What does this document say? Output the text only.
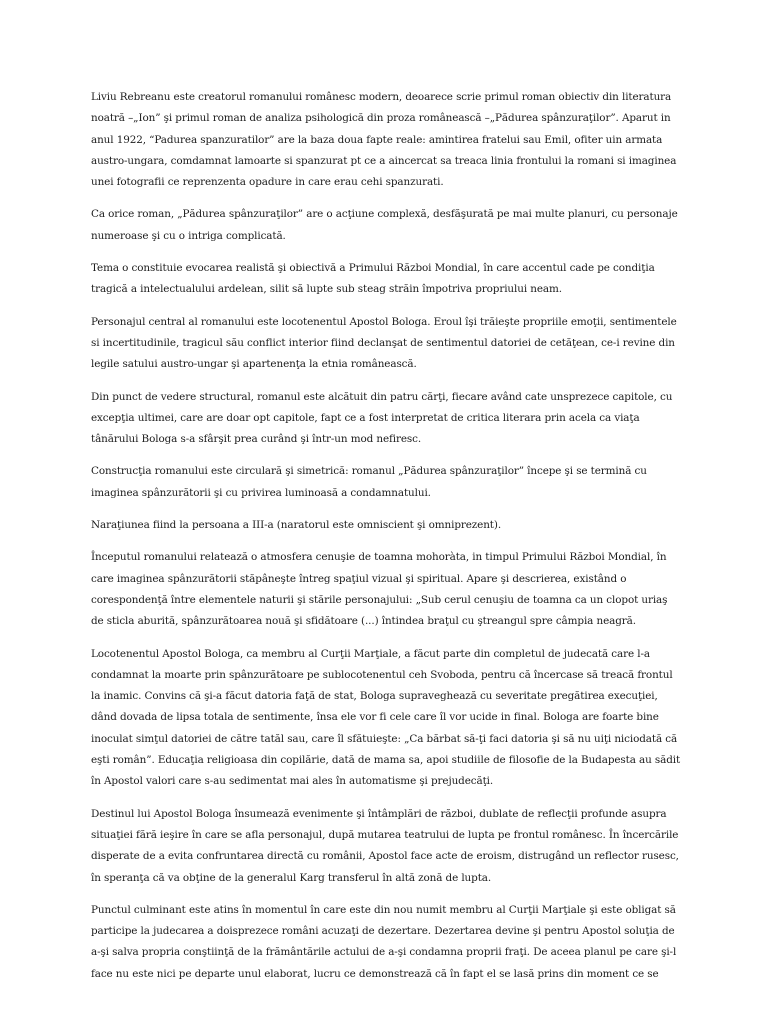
Liviu Rebreanu este creatorul romanului românesc modern, deoarece scrie primul roman obiectiv din literatura noatră –„Ion” şi primul roman de analiza psihologică din proza românească –„Pădurea spânzuraţilor”. Aparut in anul 1922, “Padurea spanzuratilor” are la baza doua fapte reale: amintirea fratelui sau Emil, ofiter uin armata austro-ungara, comdamnat lamoarte si spanzurat pt ce a aincercat sa treaca linia frontului la romani si imaginea unei fotografii ce reprenzenta opadure in care erau cehi spanzurati.

Ca orice roman, „Pădurea spânzuraţilor” are o acţiune complexă, desfăşurată pe mai multe planuri, cu personaje numeroase şi cu o intriga complicată.

Tema o constituie evocarea realistă şi obiectivă a Primului Război Mondial, în care accentul cade pe condiţia tragică a intelectualului ardelean, silit să lupte sub steag străin împotriva propriului neam.

Personajul central al romanului este locotenentul Apostol Bologa. Eroul îşi trăieşte propriile emoţii, sentimentele si incertitudinile, tragicul său conflict interior fiind declanşat de sentimentul datoriei de cetăţean, ce-i revine din legile satului austro-ungar şi apartenenţa la etnia românească.

Din punct de vedere structural, romanul este alcătuit din patru cărţi, fiecare având cate unsprezece capitole, cu excepţia ultimei, care are doar opt capitole, fapt ce a fost interpretat de critica literara prin acela ca viaţa tânărului Bologa s-a sfârşit prea curând şi într-un mod nefiresc.

Construcţia romanului este circulară şi simetrică: romanul „Pădurea spânzuraţilor” începe şi se termină cu imaginea spânzurătorii şi cu privirea luminoasă a condamnatului.

Naraţiunea fiind la persoana a III-a (naratorul este omniscient şi omniprezent).

Începutul romanului relatează o atmosfera cenuşie de toamna mohoràta, in timpul Primului Război Mondial, în care imaginea spânzurătorii stăpâneşte întreg spaţiul vizual şi spiritual. Apare şi descrierea, existând o corespondenţă între elementele naturii şi stările personajului: „Sub cerul cenuşiu de toamna ca un clopot uriaş de sticla aburită, spânzurătoarea nouă şi sfidătoare (...) întindea braţul cu ştreangul spre câmpia neagră.

Locotenentul Apostol Bologa, ca membru al Curţii Marţiale, a făcut parte din completul de judecată care l-a condamnat la moarte prin spânzurătoare pe sublocotenentul ceh Svoboda, pentru că încercase să treacă frontul la inamic. Convins că şi-a făcut datoria faţă de stat, Bologa supraveghează cu severitate pregătirea execuţiei, dând dovada de lipsa totala de sentimente, însa ele vor fi cele care îl vor ucide in final. Bologa are foarte bine inoculat simţul datoriei de către tatăl sau, care îl sfătuieşte: „Ca bărbat să-ţi faci datoria şi să nu uiţi niciodată că eşti român”. Educaţia religioasa din copilărie, dată de mama sa, apoi studiile de filosofie de la Budapesta au sădit în Apostol valori care s-au sedimentat mai ales în automatisme şi prejudecăţi.

Destinul lui Apostol Bologa însumează evenimente şi întâmplări de război, dublate de reflecţii profunde asupra situaţiei fără ieşire în care se afla personajul, după mutarea teatrului de lupta pe frontul românesc. În încercările disperate de a evita confruntarea directă cu românii, Apostol face acte de eroism, distrugând un reflector rusesc, în speranţa că va obţine de la generalul Karg transferul în altă zonă de lupta.

Punctul culminant este atins în momentul în care este din nou numit membru al Curţii Marţiale şi este obligat să participe la judecarea a doisprezece români acuzaţi de dezertare. Dezertarea devine şi pentru Apostol soluţia de a-şi salva propria conştiinţă de la frământările actului de a-şi condamna proprii fraţi. De aceea planul pe care şi-l face nu este nici pe departe unul elaborat, lucru ce demonstrează că în fapt el se lasă prins din moment ce se
